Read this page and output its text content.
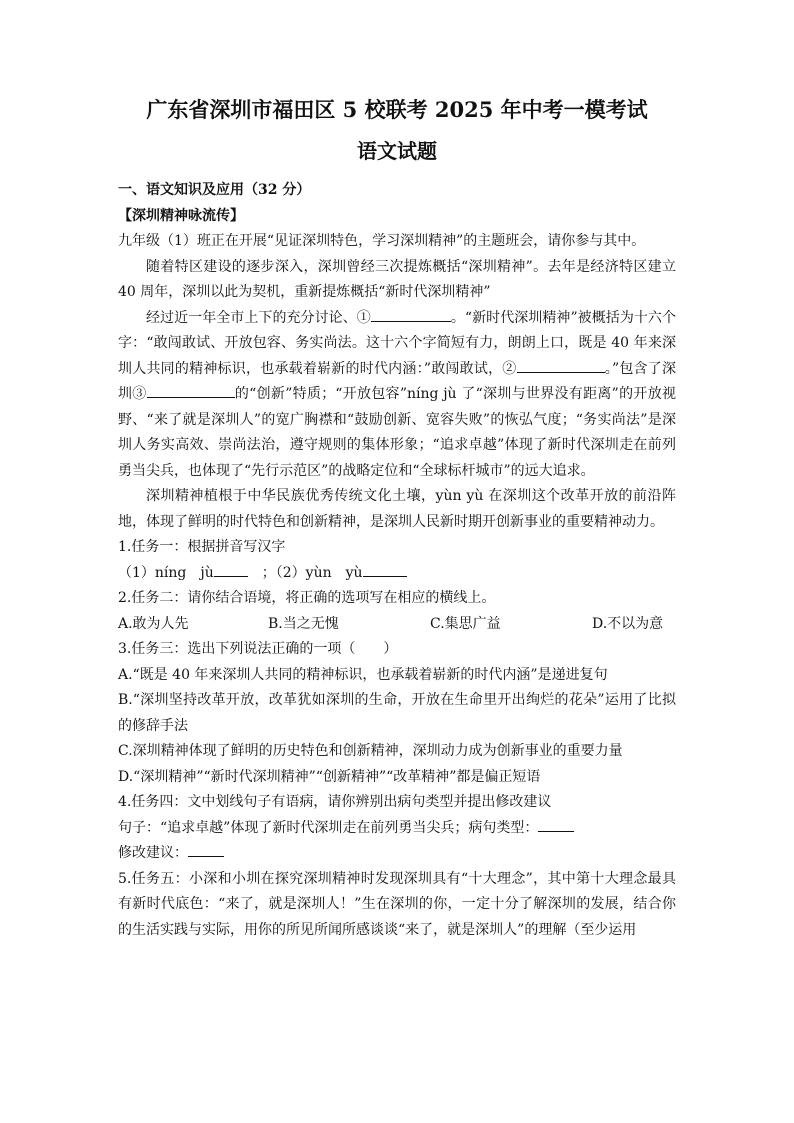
广东省深圳市福田区 5 校联考 2025 年中考一模考试
语文试题

一、语文知识及应用（32 分）

【深圳精神咏流传】

九年级（1）班正在开展“见证深圳特色，学习深圳精神”的主题班会，请你参与其中。

随着特区建设的逐步深入，深圳曾经三次提炼概括“深圳精神”。去年是经济特区建立 40 周年，深圳以此为契机，重新提炼概括“新时代深圳精神”

经过近一年全市上下的充分讨论、①	。“新时代深圳精神”被概括为十六个字：“敢闯敢试、开放包容、务实尚法。这十六个字简短有力，朗朗上口，既是 40 年来深圳人共同的精神标识，也承载着崭新的时代内涵：”敢闯敢试，②	。”包含了深圳③	的“创新”特质；“开放包容”níng jù 了“深圳与世界没有距离”的开放视野、“来了就是深圳人”的宽广胸襟和“鼓励创新、宽容失败”的恢弘气度；“务实尚法”是深圳人务实高效、崇尚法治，遵守规则的集体形象；“追求卓越”体现了新时代深圳走在前列勇当尖兵，也体现了“先行示范区”的战略定位和“全球标杆城市”的远大追求。

深圳精神植根于中华民族优秀传统文化土壤，yùn yù 在深圳这个改革开放的前沿阵地，体现了鲜明的时代特色和创新精神，是深圳人民新时期开创新事业的重要精神动力。

1.任务一：根据拼音写汉字

（1）níng　jù　	；（2）yùn　yù

2.任务二：请你结合语境，将正确的选项写在相应的横线上。

A.敢为人先	B.当之无愧	C.集思广益	D.不以为意

3.任务三：选出下列说法正确的一项（　　）

A.“既是 40 年来深圳人共同的精神标识，也承载着崭新的时代内涵”是递进复句

B.“深圳坚持改革开放，改革犹如深圳的生命，开放在生命里开出绚烂的花朵”运用了比拟的修辞手法

C.深圳精神体现了鲜明的历史特色和创新精神，深圳动力成为创新事业的重要力量

D.“深圳精神”“新时代深圳精神”“创新精神”“改革精神”都是偏正短语

4.任务四：文中划线句子有语病，请你辨别出病句类型并提出修改建议

句子：“追求卓越”体现了新时代深圳走在前列勇当尖兵；病句类型：

修改建议：

5.任务五：小深和小圳在探究深圳精神时发现深圳具有“十大理念”，其中第十大理念最具有新时代底色：“来了，就是深圳人！”生在深圳的你，一定十分了解深圳的发展，结合你的生活实践与实际，用你的所见所闻所感谈谈“来了，就是深圳人”的理解（至少运用
